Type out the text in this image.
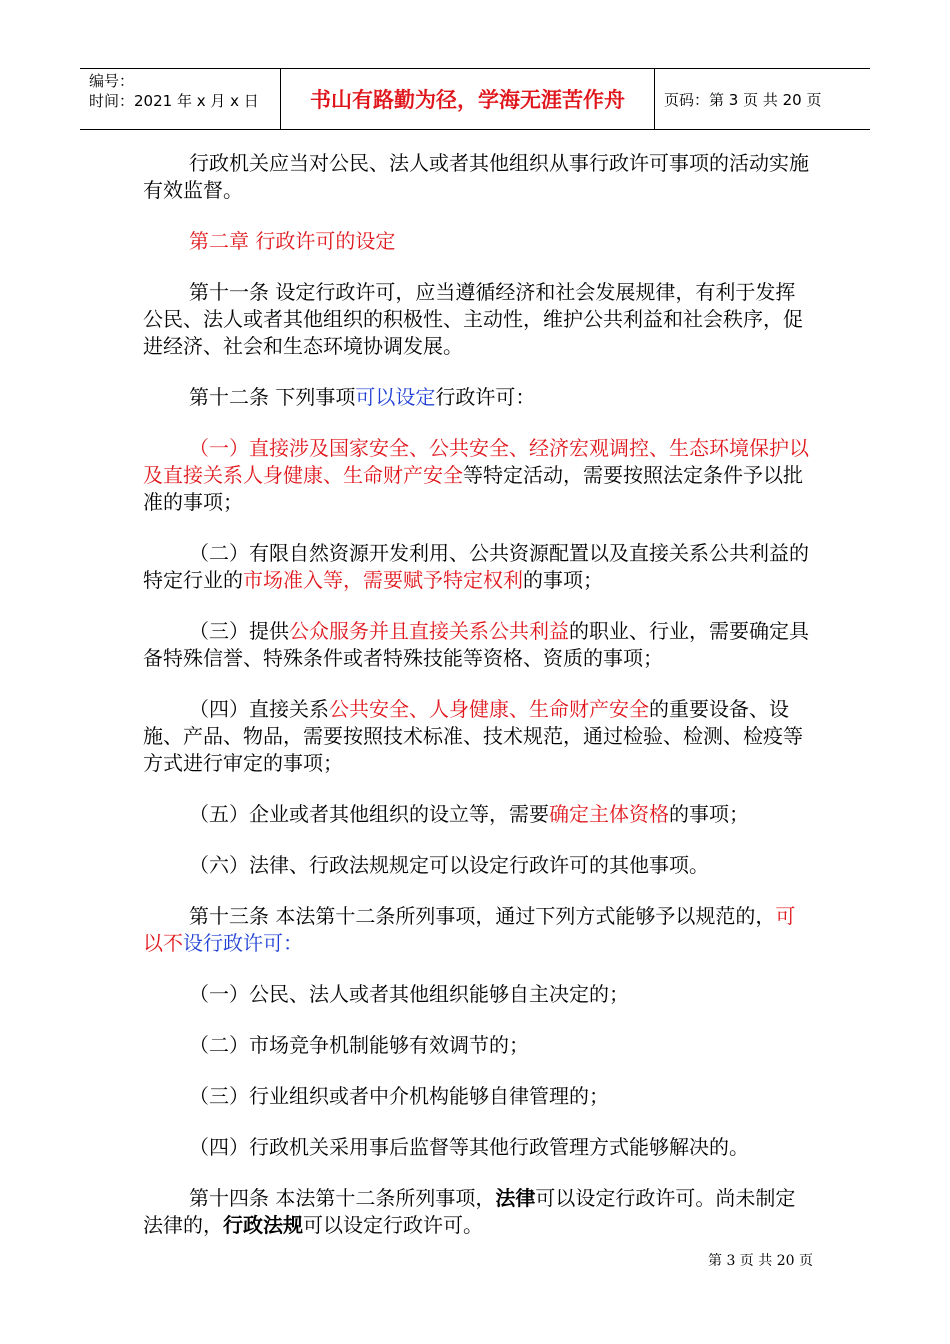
编号：
时间：2021 年 x 月 x 日	书山有路勤为径，学海无涯苦作舟	页码：第 3 页 共 20 页

行政机关应当对公民、法人或者其他组织从事行政许可事项的活动实施有效监督。

第二章 行政许可的设定

第十一条 设定行政许可，应当遵循经济和社会发展规律，有利于发挥公民、法人或者其他组织的积极性、主动性，维护公共利益和社会秩序，促进经济、社会和生态环境协调发展。

第十二条 下列事项可以设定行政许可：

（一）直接涉及国家安全、公共安全、经济宏观调控、生态环境保护以及直接关系人身健康、生命财产安全等特定活动，需要按照法定条件予以批准的事项；

（二）有限自然资源开发利用、公共资源配置以及直接关系公共利益的特定行业的市场准入等，需要赋予特定权利的事项；

（三）提供公众服务并且直接关系公共利益的职业、行业，需要确定具备特殊信誉、特殊条件或者特殊技能等资格、资质的事项；

（四）直接关系公共安全、人身健康、生命财产安全的重要设备、设施、产品、物品，需要按照技术标准、技术规范，通过检验、检测、检疫等方式进行审定的事项；

（五）企业或者其他组织的设立等，需要确定主体资格的事项；

（六）法律、行政法规规定可以设定行政许可的其他事项。

第十三条 本法第十二条所列事项，通过下列方式能够予以规范的，可以不设行政许可：

（一）公民、法人或者其他组织能够自主决定的；

（二）市场竞争机制能够有效调节的；

（三）行业组织或者中介机构能够自律管理的；

（四）行政机关采用事后监督等其他行政管理方式能够解决的。

第十四条 本法第十二条所列事项，法律可以设定行政许可。尚未制定法律的，行政法规可以设定行政许可。

第 3 页 共 20 页
